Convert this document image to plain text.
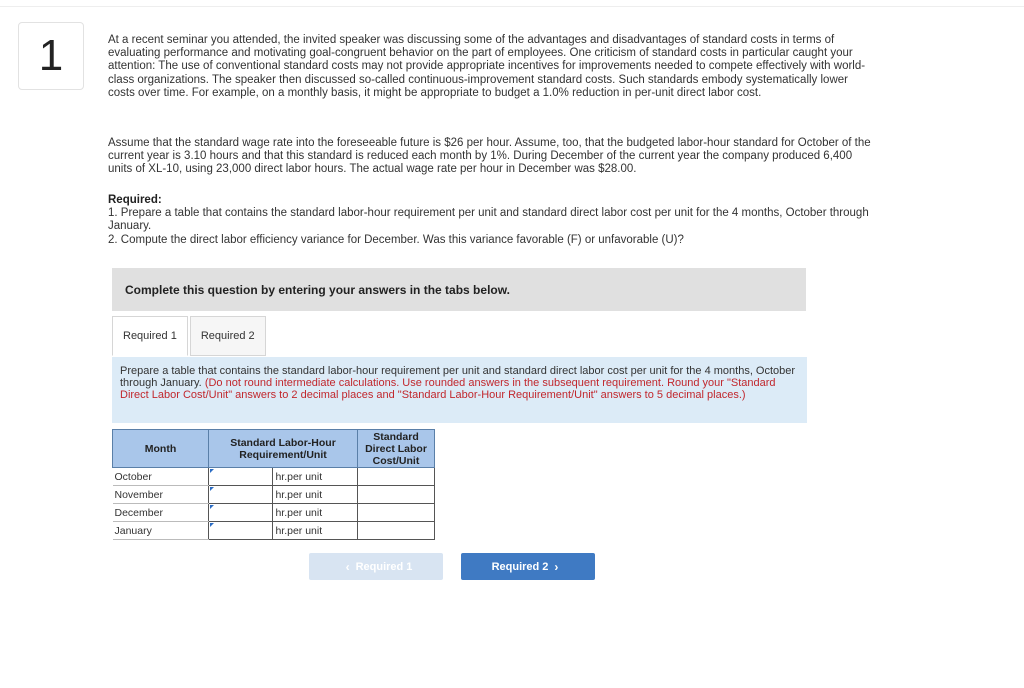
1	At a recent seminar you attended, the invited speaker was discussing some of the advantages and disadvantages of standard costs in terms of evaluating performance and motivating goal-congruent behavior on the part of employees. One criticism of standard costs in particular caught your attention: The use of conventional standard costs may not provide appropriate incentives for improvements needed to compete effectively with world-class organizations. The speaker then discussed so-called continuous-improvement standard costs. Such standards embody systematically lower costs over time. For example, on a monthly basis, it might be appropriate to budget a 1.0% reduction in per-unit direct labor cost.

Assume that the standard wage rate into the foreseeable future is $26 per hour. Assume, too, that the budgeted labor-hour standard for October of the current year is 3.10 hours and that this standard is reduced each month by 1%. During December of the current year the company produced 6,400 units of XL-10, using 23,000 direct labor hours. The actual wage rate per hour in December was $28.00.

Required:

1. Prepare a table that contains the standard labor-hour requirement per unit and standard direct labor cost per unit for the 4 months, October through January.

2. Compute the direct labor efficiency variance for December. Was this variance favorable (F) or unfavorable (U)?

Complete this question by entering your answers in the tabs below.
Required 1	Required 2
Prepare a table that contains the standard labor-hour requirement per unit and standard direct labor cost per unit for the 4 months, October through January. (Do not round intermediate calculations. Use rounded answers in the subsequent requirement. Round your "Standard Direct Labor Cost/Unit" answers to 2 decimal places and "Standard Labor-Hour Requirement/Unit" answers to 5 decimal places.)
Month	Standard Labor-Hour Requirement/Unit		Standard Direct Labor Cost/Unit
October		hr.per unit	
November		hr.per unit	
December		hr.per unit	
January		hr.per unit	
‹ Required 1	Required 2 ›
